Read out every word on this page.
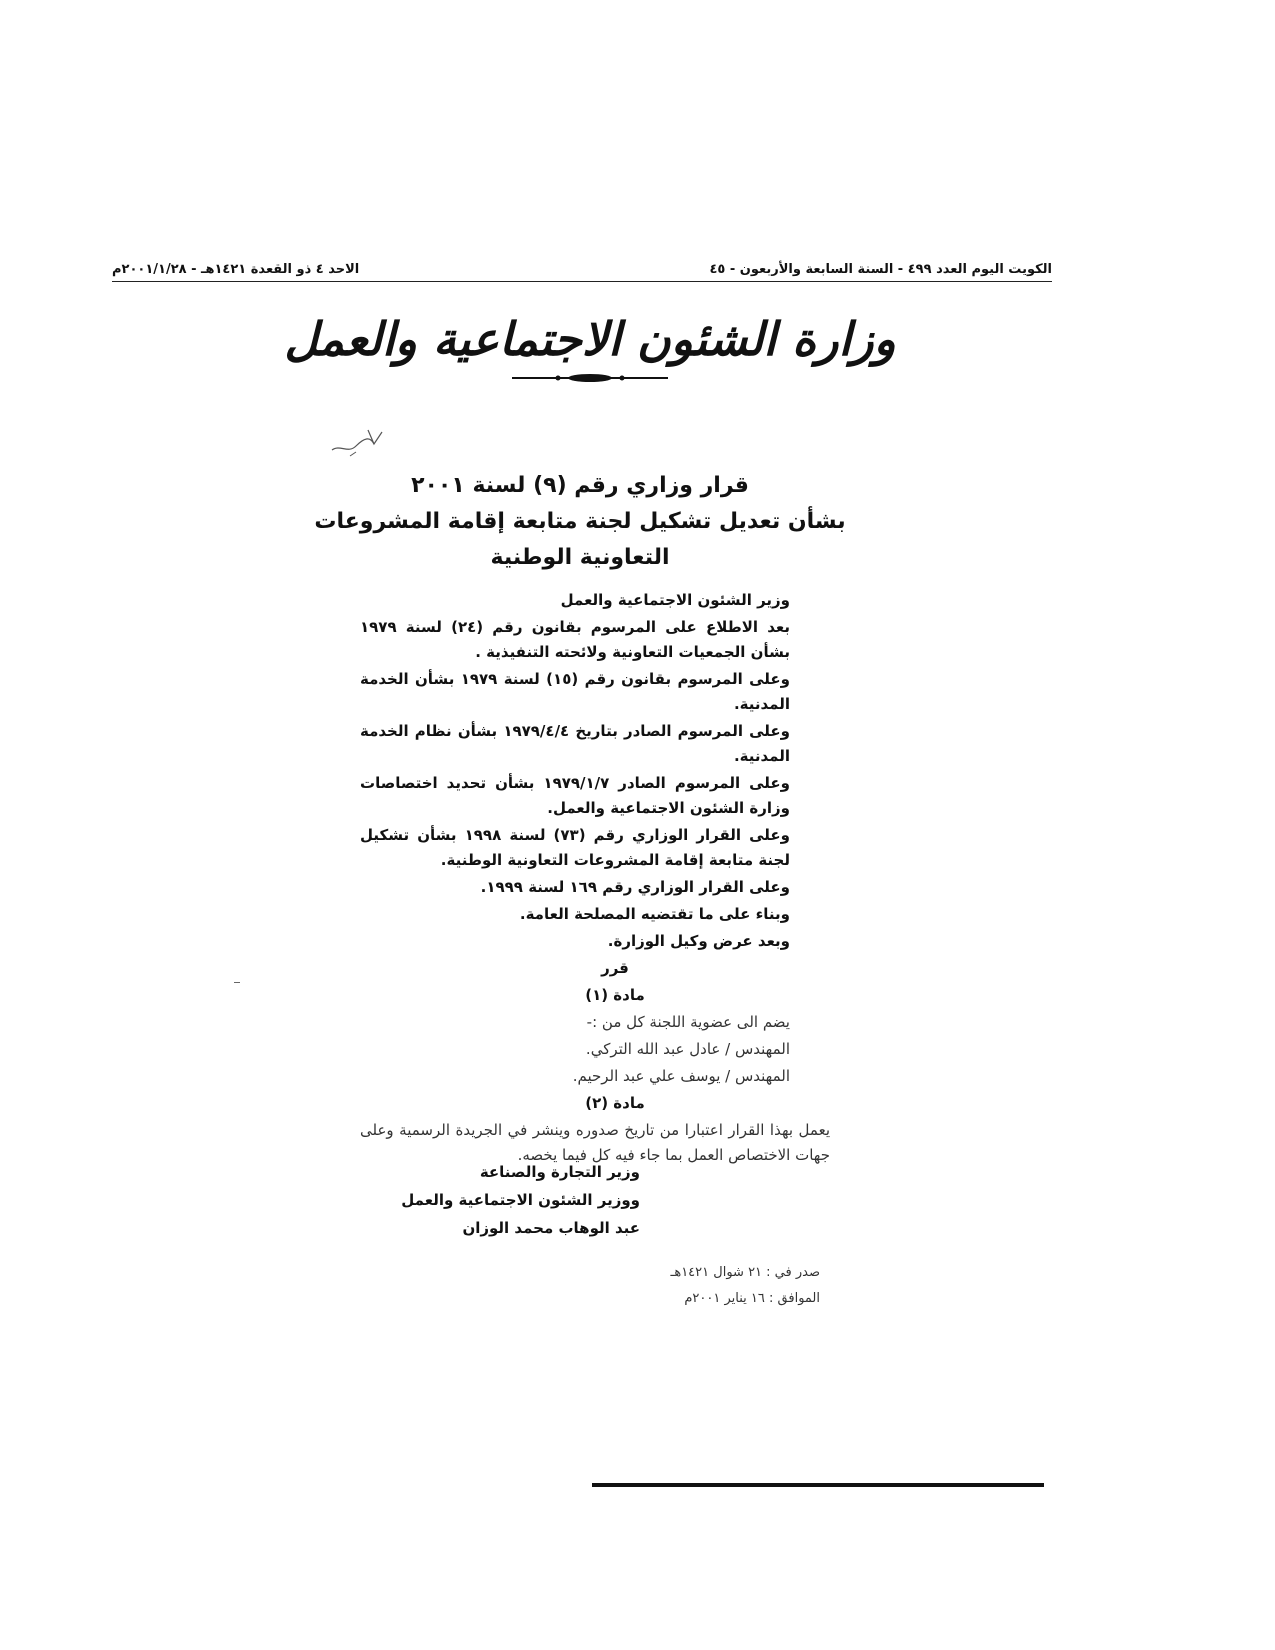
الكويت اليوم العدد ٤٩٩ - السنة السابعة والأربعون - ٤٥
الاحد ٤ ذو القعدة ١٤٢١هـ - ٢٠٠١/١/٢٨م
وزارة الشئون الاجتماعية والعمل
قرار وزاري رقم (٩) لسنة ٢٠٠١
بشأن تعديل تشكيل لجنة متابعة إقامة المشروعات
التعاونية الوطنية

وزير الشئون الاجتماعية والعمل

بعد الاطلاع على المرسوم بقانون رقم (٢٤) لسنة ١٩٧٩ بشأن الجمعيات التعاونية ولائحته التنفيذية .

وعلى المرسوم بقانون رقم (١٥) لسنة ١٩٧٩ بشأن الخدمة المدنية.

وعلى المرسوم الصادر بتاريخ ١٩٧٩/٤/٤ بشأن نظام الخدمة المدنية.

وعلى المرسوم الصادر ١٩٧٩/١/٧ بشأن تحديد اختصاصات وزارة الشئون الاجتماعية والعمل.

وعلى القرار الوزاري رقم (٧٣) لسنة ١٩٩٨ بشأن تشكيل لجنة متابعة إقامة المشروعات التعاونية الوطنية.

وعلى القرار الوزاري رقم ١٦٩ لسنة ١٩٩٩.

وبناء على ما تقتضيه المصلحة العامة.

وبعد عرض وكيل الوزارة.

قرر

مادة (١)

يضم الى عضوية اللجنة كل من :-

المهندس / عادل عبد الله التركي.

المهندس / يوسف علي عبد الرحيم.

مادة (٢)

يعمل بهذا القرار اعتبارا من تاريخ صدوره وينشر في الجريدة الرسمية وعلى جهات الاختصاص العمل بما جاء فيه كل فيما يخصه.

وزير التجارة والصناعة
ووزير الشئون الاجتماعية والعمل
عبد الوهاب محمد الوزان
صدر في : ٢١ شوال ١٤٢١هـ
الموافق : ١٦ يناير ٢٠٠١م
